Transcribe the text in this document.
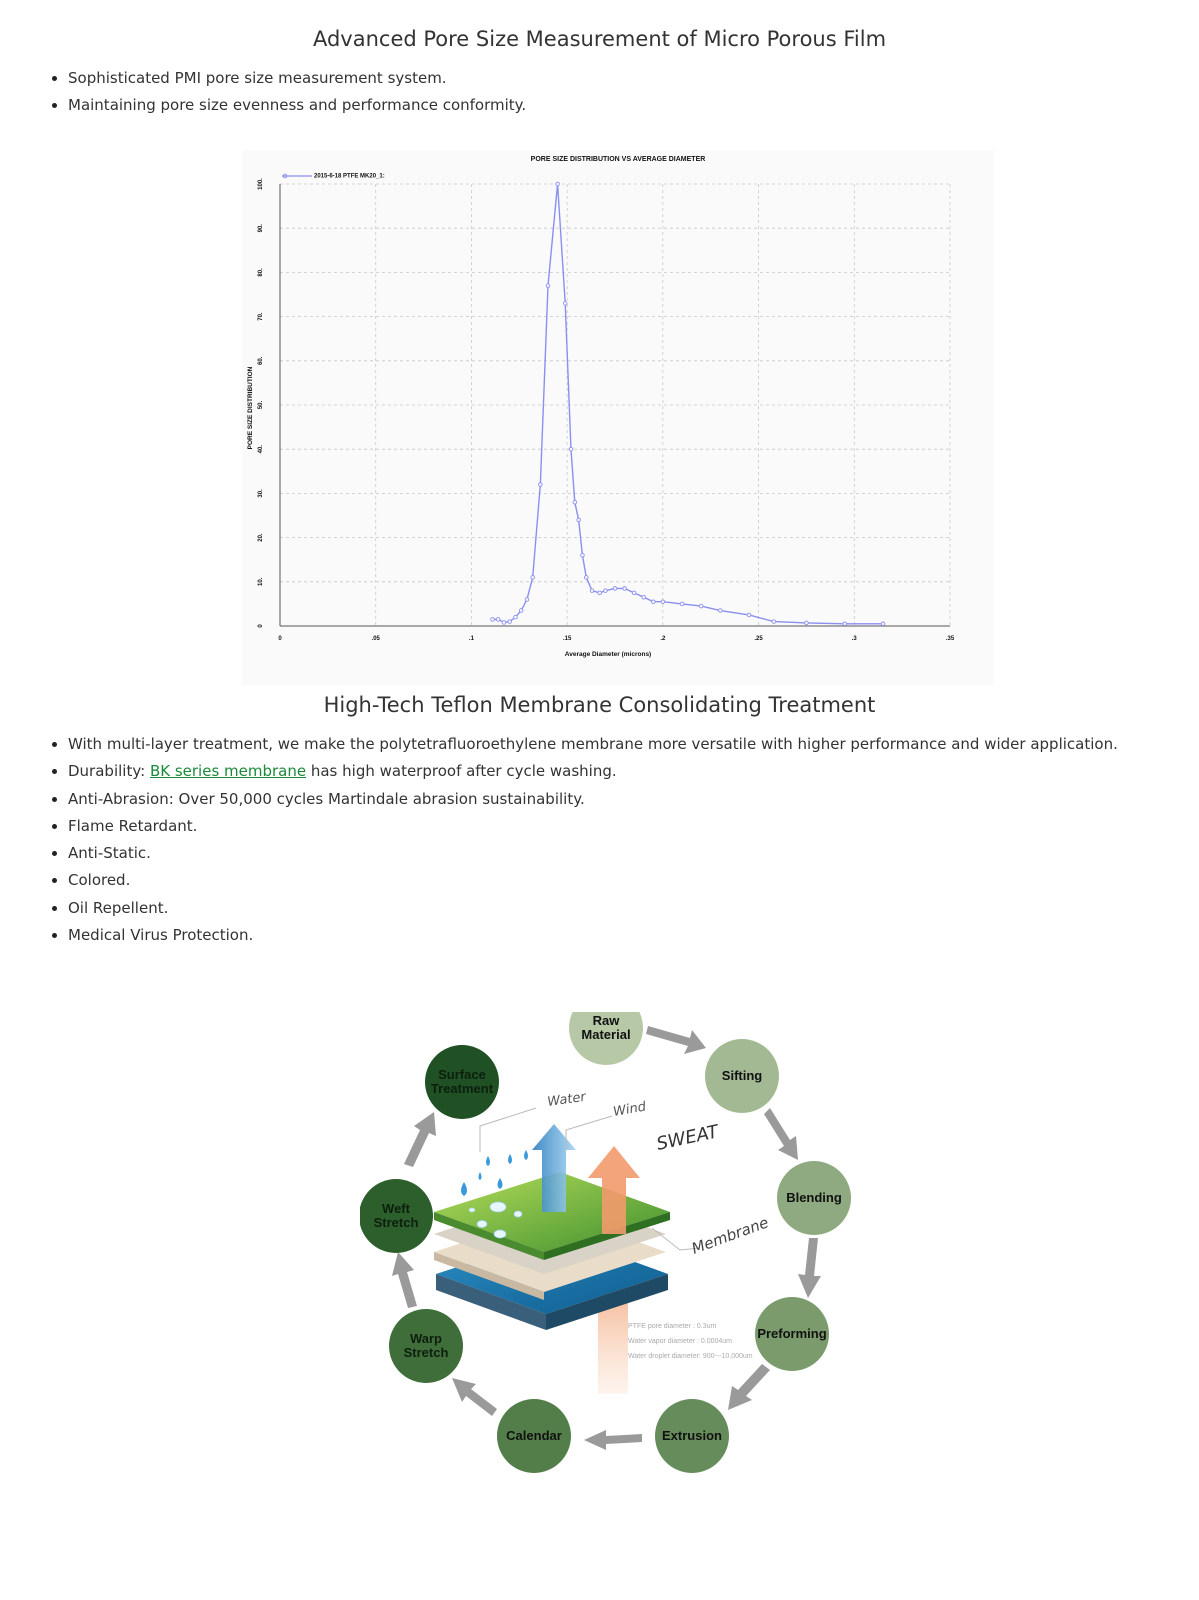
Advanced Pore Size Measurement of Micro Porous Film
Sophisticated PMI pore size measurement system.
Maintaining pore size evenness and performance conformity.
0	.05	.1	.15	.2	.25	.3	.35
0
10.
20.
30.
40.
50.
60.
70.
80.
90.
100.
PORE SIZE DISTRIBUTION VS AVERAGE DIAMETER
Average Diameter (microns)
PORE SIZE DISTRIBUTION
2015-6-18 PTFE MK20_1:
High-Tech Teflon Membrane Consolidating Treatment
With multi-layer treatment, we make the polytetrafluoroethylene membrane more versatile with higher performance and wider application.
Durability: BK series membrane has high waterproof after cycle washing.
Anti-Abrasion: Over 50,000 cycles Martindale abrasion sustainability.
Flame Retardant.
Anti-Static.
Colored.
Oil Repellent.
Medical Virus Protection.
Raw
Material
Sifting
Blending
Preforming
Extrusion
Calendar
Warp
Stretch
Weft
Stretch
Surface
Treatment
Water Wind
SWEAT
Membrane
PTFE pore diameter : 0.3um
Water vapor diameter : 0.0004um
Water droplet diameter: 900---10,000um
